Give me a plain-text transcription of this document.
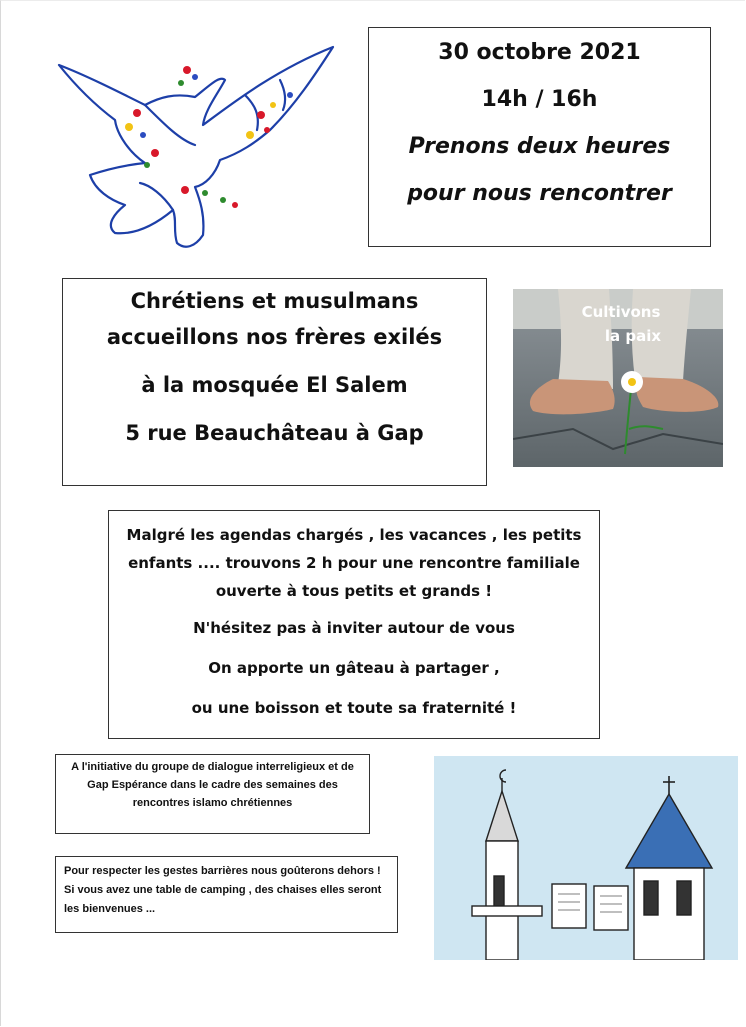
30 octobre 2021
14h / 16h
Prenons deux heures
pour nous rencontrer
Chrétiens et musulmans
accueillons nos frères exilés
à la mosquée El Salem
5 rue Beauchâteau à Gap
Cultivons
la paix
Malgré les agendas chargés , les vacances , les petits enfants .... trouvons 2 h pour une rencontre familiale ouverte à tous petits et grands !
N'hésitez pas à inviter autour de vous
On apporte un gâteau à partager ,
ou une boisson et toute sa fraternité !
A l'initiative du groupe de dialogue interreligieux et de Gap Espérance dans le cadre des semaines des rencontres islamo chrétiennes
Pour respecter les gestes barrières nous goûterons dehors ! Si vous avez une table de camping , des chaises elles seront les bienvenues ...
